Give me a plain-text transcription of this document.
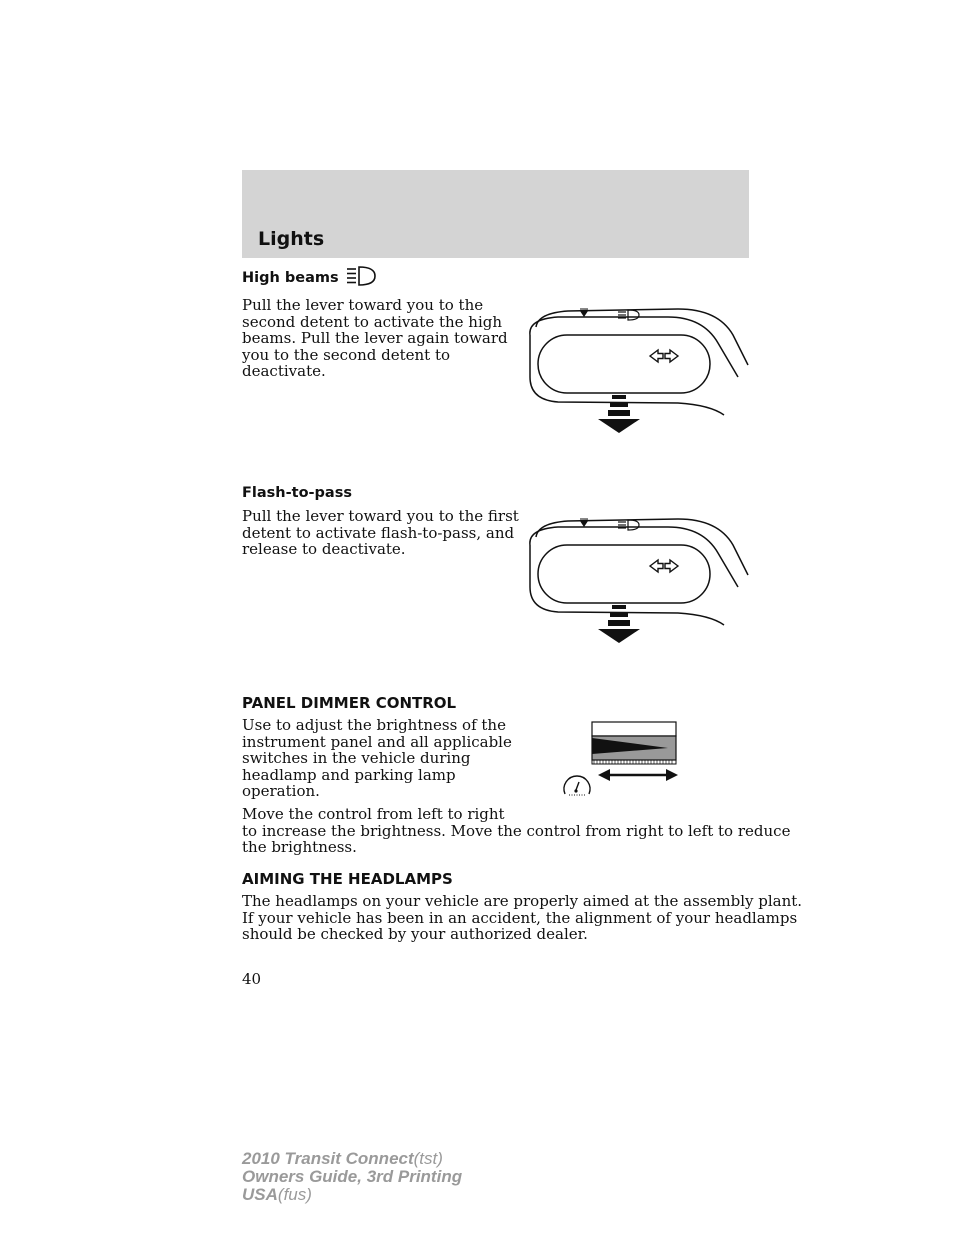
Lights
High beams
Pull the lever toward you to the
second detent to activate the high
beams. Pull the lever again toward
you to the second detent to
deactivate.
Flash-to-pass
Pull the lever toward you to the first
detent to activate flash-to-pass, and
release to deactivate.
PANEL DIMMER CONTROL
Use to adjust the brightness of the
instrument panel and all applicable
switches in the vehicle during
headlamp and parking lamp
operation.
Move the control from left to right
to increase the brightness. Move the control from right to left to reduce
the brightness.
AIMING THE HEADLAMPS
The headlamps on your vehicle are properly aimed at the assembly plant.
If your vehicle has been in an accident, the alignment of your headlamps
should be checked by your authorized dealer.
40
2010 Transit Connect(tst)
Owners Guide, 3rd Printing
USA(fus)
